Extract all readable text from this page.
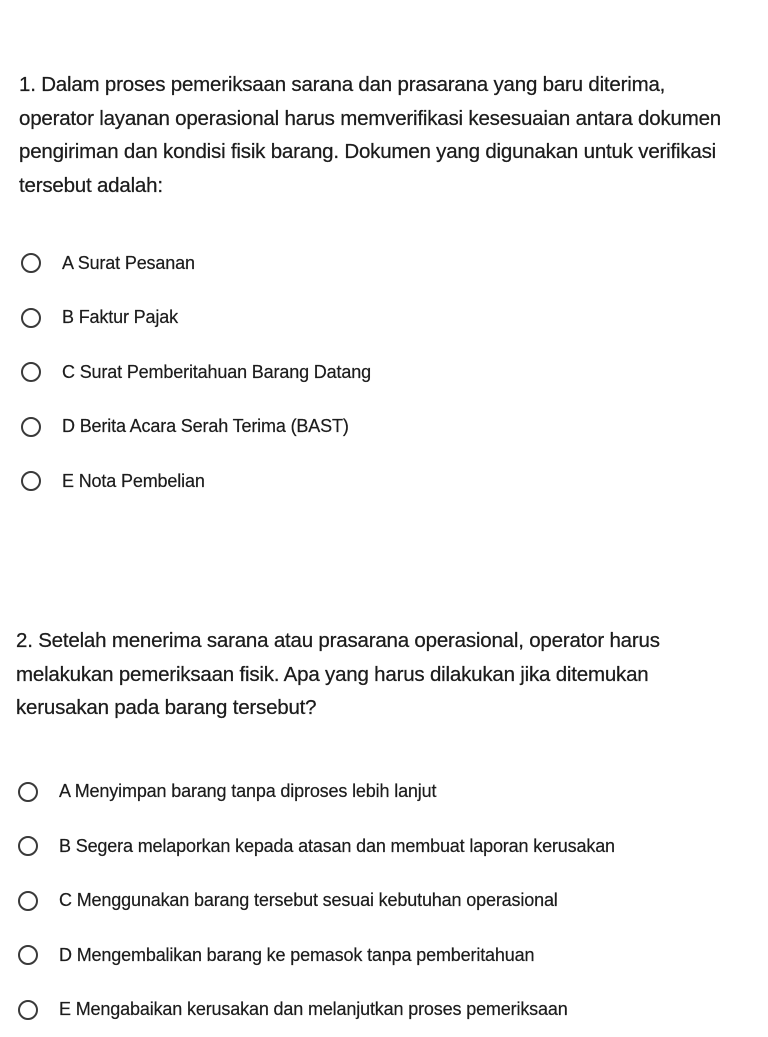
1. Dalam proses pemeriksaan sarana dan prasarana yang baru diterima, operator layanan operasional harus memverifikasi kesesuaian antara dokumen pengiriman dan kondisi fisik barang. Dokumen yang digunakan untuk verifikasi tersebut adalah:

A Surat Pesanan
B Faktur Pajak
C Surat Pemberitahuan Barang Datang
D Berita Acara Serah Terima (BAST)
E Nota Pembelian

2. Setelah menerima sarana atau prasarana operasional, operator harus melakukan pemeriksaan fisik. Apa yang harus dilakukan jika ditemukan kerusakan pada barang tersebut?

A Menyimpan barang tanpa diproses lebih lanjut
B Segera melaporkan kepada atasan dan membuat laporan kerusakan
C Menggunakan barang tersebut sesuai kebutuhan operasional
D Mengembalikan barang ke pemasok tanpa pemberitahuan
E Mengabaikan kerusakan dan melanjutkan proses pemeriksaan
